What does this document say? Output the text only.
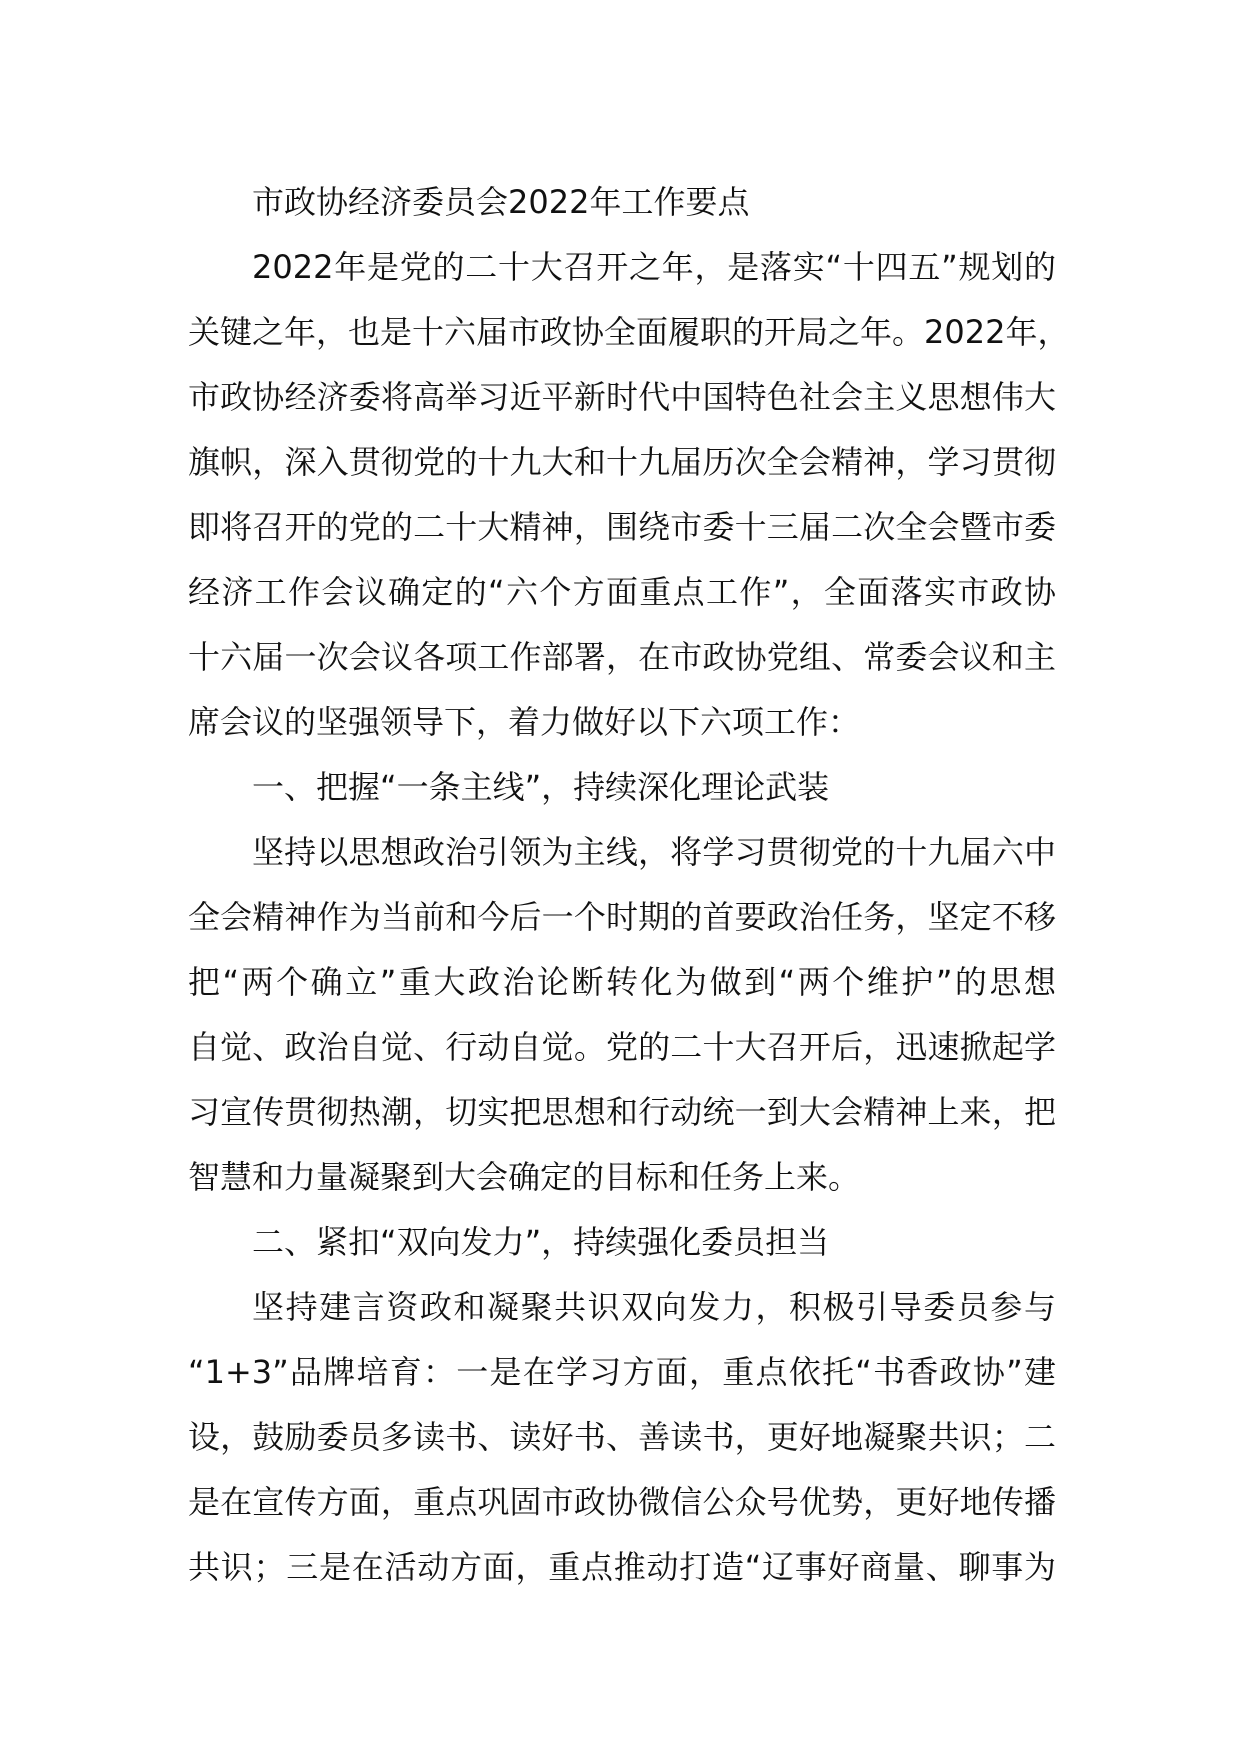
市政协经济委员会2022年工作要点
2022年是党的二十大召开之年，是落实“十四五”规划的
关键之年，也是十六届市政协全面履职的开局之年。2022年，
市政协经济委将高举习近平新时代中国特色社会主义思想伟大
旗帜，深入贯彻党的十九大和十九届历次全会精神，学习贯彻
即将召开的党的二十大精神，围绕市委十三届二次全会暨市委
经济工作会议确定的“六个方面重点工作”，全面落实市政协
十六届一次会议各项工作部署，在市政协党组、常委会议和主
席会议的坚强领导下，着力做好以下六项工作：
一、把握“一条主线”，持续深化理论武装
坚持以思想政治引领为主线，将学习贯彻党的十九届六中
全会精神作为当前和今后一个时期的首要政治任务，坚定不移
把“两个确立”重大政治论断转化为做到“两个维护”的思想
自觉、政治自觉、行动自觉。党的二十大召开后，迅速掀起学
习宣传贯彻热潮，切实把思想和行动统一到大会精神上来，把
智慧和力量凝聚到大会确定的目标和任务上来。
二、紧扣“双向发力”，持续强化委员担当
坚持建言资政和凝聚共识双向发力，积极引导委员参与
“1+3”品牌培育：一是在学习方面，重点依托“书香政协”建
设，鼓励委员多读书、读好书、善读书，更好地凝聚共识；二
是在宣传方面，重点巩固市政协微信公众号优势，更好地传播
共识；三是在活动方面，重点推动打造“辽事好商量、聊事为
